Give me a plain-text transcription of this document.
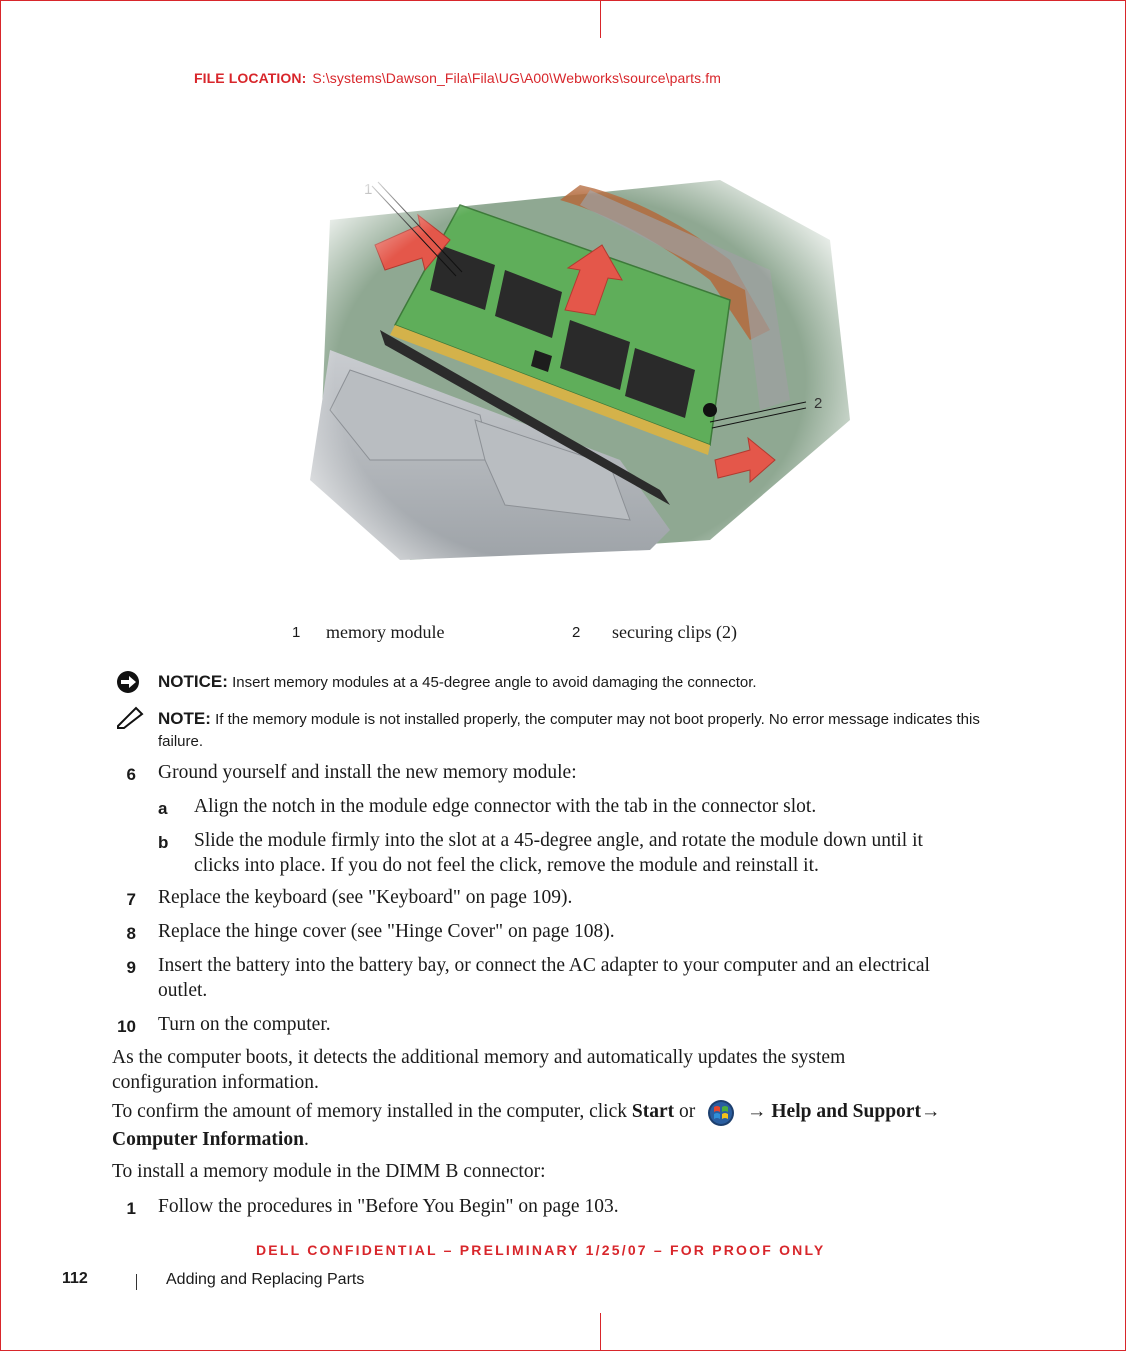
FILE LOCATION: S:\systems\Dawson_Fila\Fila\UG\A00\Webworks\source\parts.fm
1 memory module	2 securing clips (2)
NOTICE: Insert memory modules at a 45-degree angle to avoid damaging the connector.
NOTE: If the memory module is not installed properly, the computer may not boot properly. No error message indicates this failure.
6 Ground yourself and install the new memory module:
a Align the notch in the module edge connector with the tab in the connector slot.
b Slide the module firmly into the slot at a 45-degree angle, and rotate the module down until it
clicks into place. If you do not feel the click, remove the module and reinstall it.
7 Replace the keyboard (see "Keyboard" on page 109).
8 Replace the hinge cover (see "Hinge Cover" on page 108).
9 Insert the battery into the battery bay, or connect the AC adapter to your computer and an electrical
outlet.
10 Turn on the computer.
As the computer boots, it detects the additional memory and automatically updates the system
configuration information.
To confirm the amount of memory installed in the computer, click Start or  → Help and Support→
Computer Information.
To install a memory module in the DIMM B connector:
1 Follow the procedures in "Before You Begin" on page 103.
DELL CONFIDENTIAL – PRELIMINARY 1/25/07 – FOR PROOF ONLY
112	Adding and Replacing Parts
